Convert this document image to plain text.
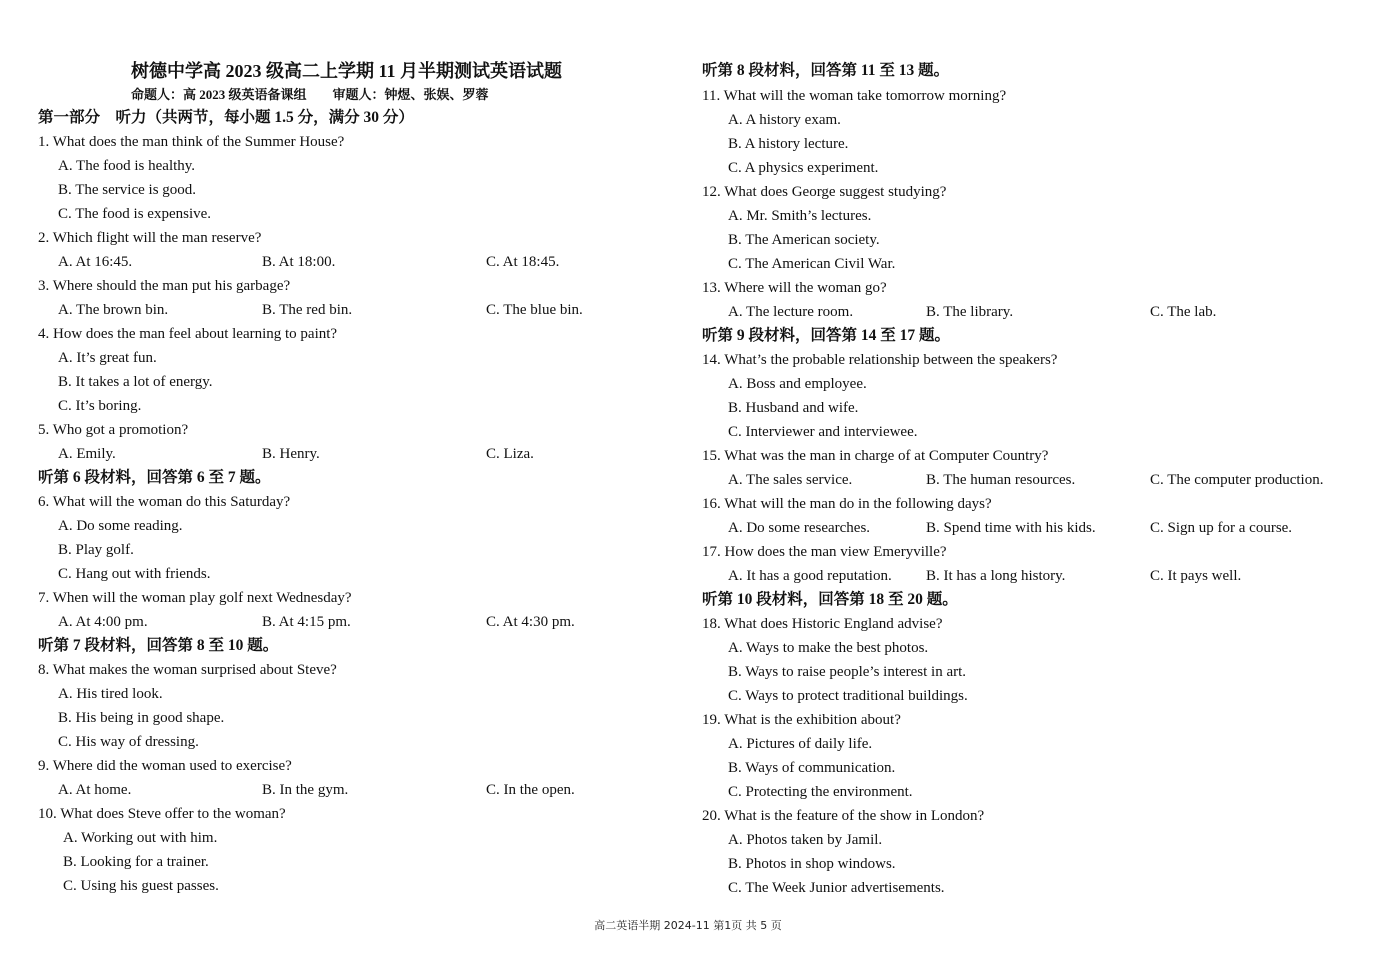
树德中学高 2023 级高二上学期 11 月半期测试英语试题
命题人：高 2023 级英语备课组　　审题人：钟煜、张娱、罗蓉
第一部分　听力（共两节，每小题 1.5 分，满分 30 分）
1. What does the man think of the Summer House?
A. The food is healthy.
B. The service is good.
C. The food is expensive.
2. Which flight will the man reserve?
A. At 16:45.	B. At 18:00.	C. At 18:45.
3. Where should the man put his garbage?
A. The brown bin.	B. The red bin.	C. The blue bin.
4. How does the man feel about learning to paint?
A. It’s great fun.
B. It takes a lot of energy.
C. It’s boring.
5. Who got a promotion?
A. Emily.	B. Henry.	C. Liza.
听第 6 段材料，回答第 6 至 7 题。
6. What will the woman do this Saturday?
A. Do some reading.
B. Play golf.
C. Hang out with friends.
7. When will the woman play golf next Wednesday?
A. At 4:00 pm.	B. At 4:15 pm.	C. At 4:30 pm.
听第 7 段材料，回答第 8 至 10 题。
8. What makes the woman surprised about Steve?
A. His tired look.
B. His being in good shape.
C. His way of dressing.
9. Where did the woman used to exercise?
A. At home.	B. In the gym.	C. In the open.
10. What does Steve offer to the woman?
A. Working out with him.
B. Looking for a trainer.
C. Using his guest passes.
听第 8 段材料，回答第 11 至 13 题。
11. What will the woman take tomorrow morning?
A. A history exam.
B. A history lecture.
C. A physics experiment.
12. What does George suggest studying?
A. Mr. Smith’s lectures.
B. The American society.
C. The American Civil War.
13. Where will the woman go?
A. The lecture room.	B. The library.	C. The lab.
听第 9 段材料，回答第 14 至 17 题。
14. What’s the probable relationship between the speakers?
A. Boss and employee.
B. Husband and wife.
C. Interviewer and interviewee.
15. What was the man in charge of at Computer Country?
A. The sales service.	B. The human resources.	C. The computer production.
16. What will the man do in the following days?
A. Do some researches.	B. Spend time with his kids.	C. Sign up for a course.
17. How does the man view Emeryville?
A. It has a good reputation. B. It has a long history.	C. It pays well.
听第 10 段材料，回答第 18 至 20 题。
18. What does Historic England advise?
A. Ways to make the best photos.
B. Ways to raise people’s interest in art.
C. Ways to protect traditional buildings.
19. What is the exhibition about?
A. Pictures of daily life.
B. Ways of communication.
C. Protecting the environment.
20. What is the feature of the show in London?
A. Photos taken by Jamil.
B. Photos in shop windows.
C. The Week Junior advertisements.
高二英语半期 2024-11 第1页 共 5 页
